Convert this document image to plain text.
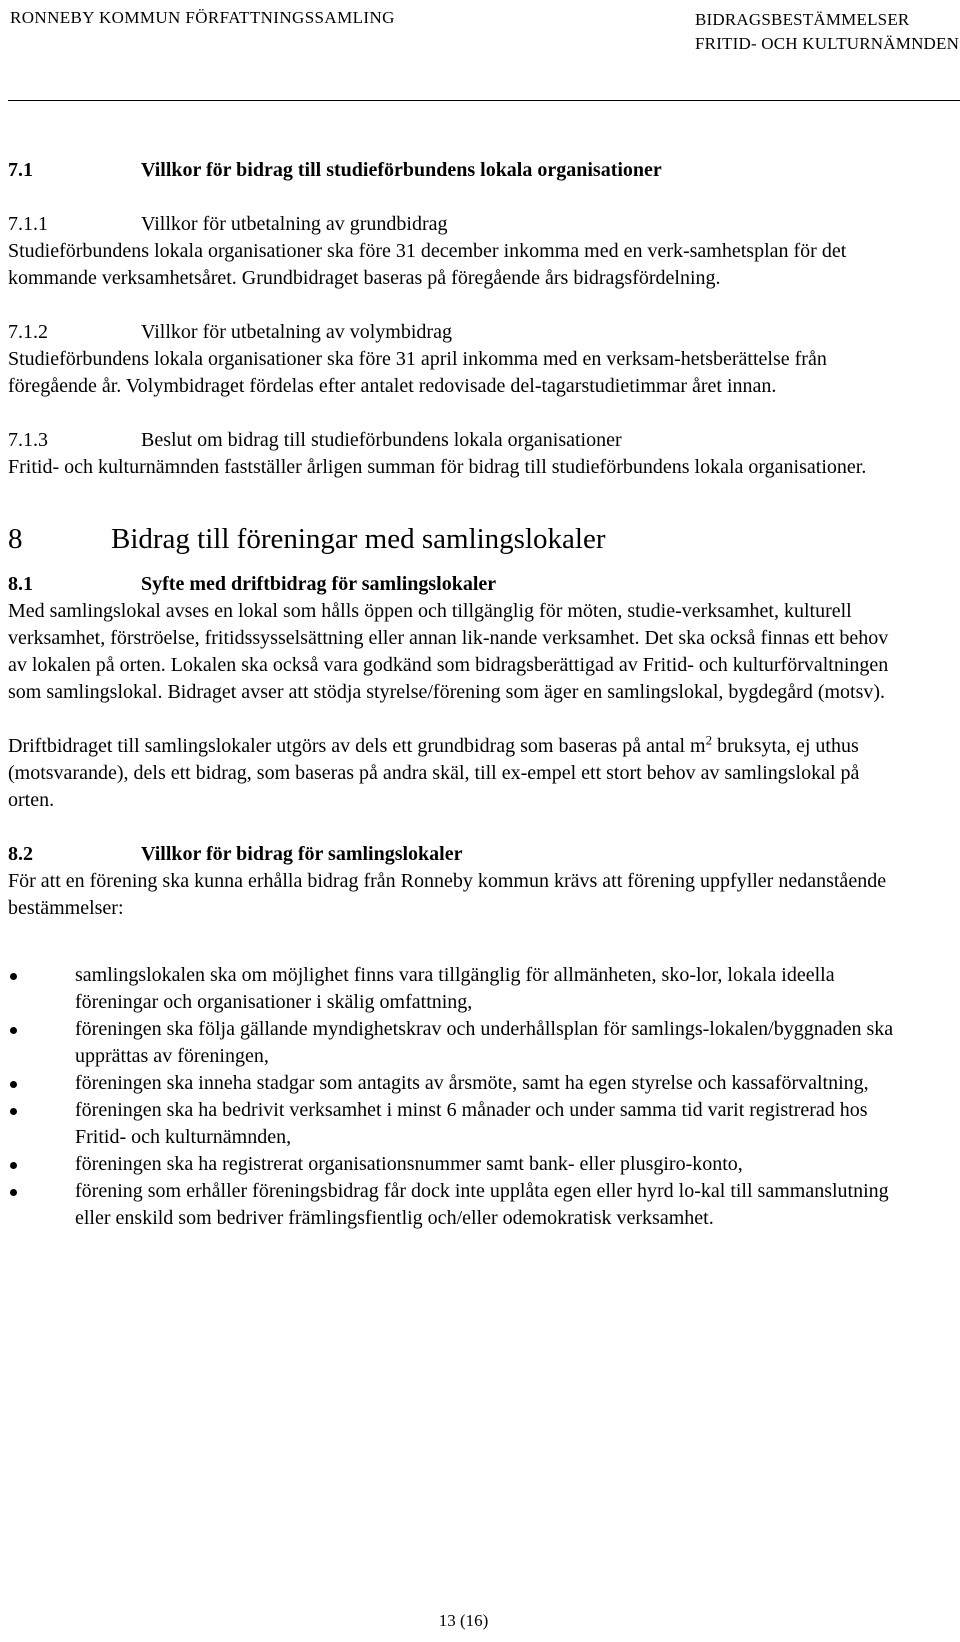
RONNEBY KOMMUN FÖRFATTNINGSSAMLING	BIDRAGSBESTÄMMELSER
FRITID- OCH KULTURNÄMNDEN
7.1	Villkor för bidrag till studieförbundens lokala organisationer
7.1.1	Villkor för utbetalning av grundbidrag

Studieförbundens lokala organisationer ska före 31 december inkomma med en verk-samhetsplan för det kommande verksamhetsåret. Grundbidraget baseras på föregående års bidragsfördelning.

7.1.2	Villkor för utbetalning av volymbidrag

Studieförbundens lokala organisationer ska före 31 april inkomma med en verksam-hetsberättelse från föregående år. Volymbidraget fördelas efter antalet redovisade del-tagarstudietimmar året innan.

7.1.3	Beslut om bidrag till studieförbundens lokala organisationer

Fritid- och kulturnämnden fastställer årligen summan för bidrag till studieförbundens lokala organisationer.

8	Bidrag till föreningar med samlingslokaler
8.1	Syfte med driftbidrag för samlingslokaler

Med samlingslokal avses en lokal som hålls öppen och tillgänglig för möten, studie-verksamhet, kulturell verksamhet, förströelse, fritidssysselsättning eller annan lik-nande verksamhet. Det ska också finnas ett behov av lokalen på orten. Lokalen ska också vara godkänd som bidragsberättigad av Fritid- och kulturförvaltningen som samlingslokal. Bidraget avser att stödja styrelse/förening som äger en samlingslokal, bygdegård (motsv).

Driftbidraget till samlingslokaler utgörs av dels ett grundbidrag som baseras på antal $m^2$ bruksyta, ej uthus (motsvarande), dels ett bidrag, som baseras på andra skäl, till ex-empel ett stort behov av samlingslokal på orten.

8.2	Villkor för bidrag för samlingslokaler

För att en förening ska kunna erhålla bidrag från Ronneby kommun krävs att förening uppfyller nedanstående bestämmelser:

samlingslokalen ska om möjlighet finns vara tillgänglig för allmänheten, sko-lor, lokala ideella föreningar och organisationer i skälig omfattning,
föreningen ska följa gällande myndighetskrav och underhållsplan för samlings-lokalen/byggnaden ska upprättas av föreningen,
föreningen ska inneha stadgar som antagits av årsmöte, samt ha egen styrelse och kassaförvaltning,
föreningen ska ha bedrivit verksamhet i minst 6 månader och under samma tid varit registrerad hos Fritid- och kulturnämnden,
föreningen ska ha registrerat organisationsnummer samt bank- eller plusgiro-konto,
förening som erhåller föreningsbidrag får dock inte upplåta egen eller hyrd lo-kal till sammanslutning eller enskild som bedriver främlingsfientlig och/eller odemokratisk verksamhet.
13 (16)
